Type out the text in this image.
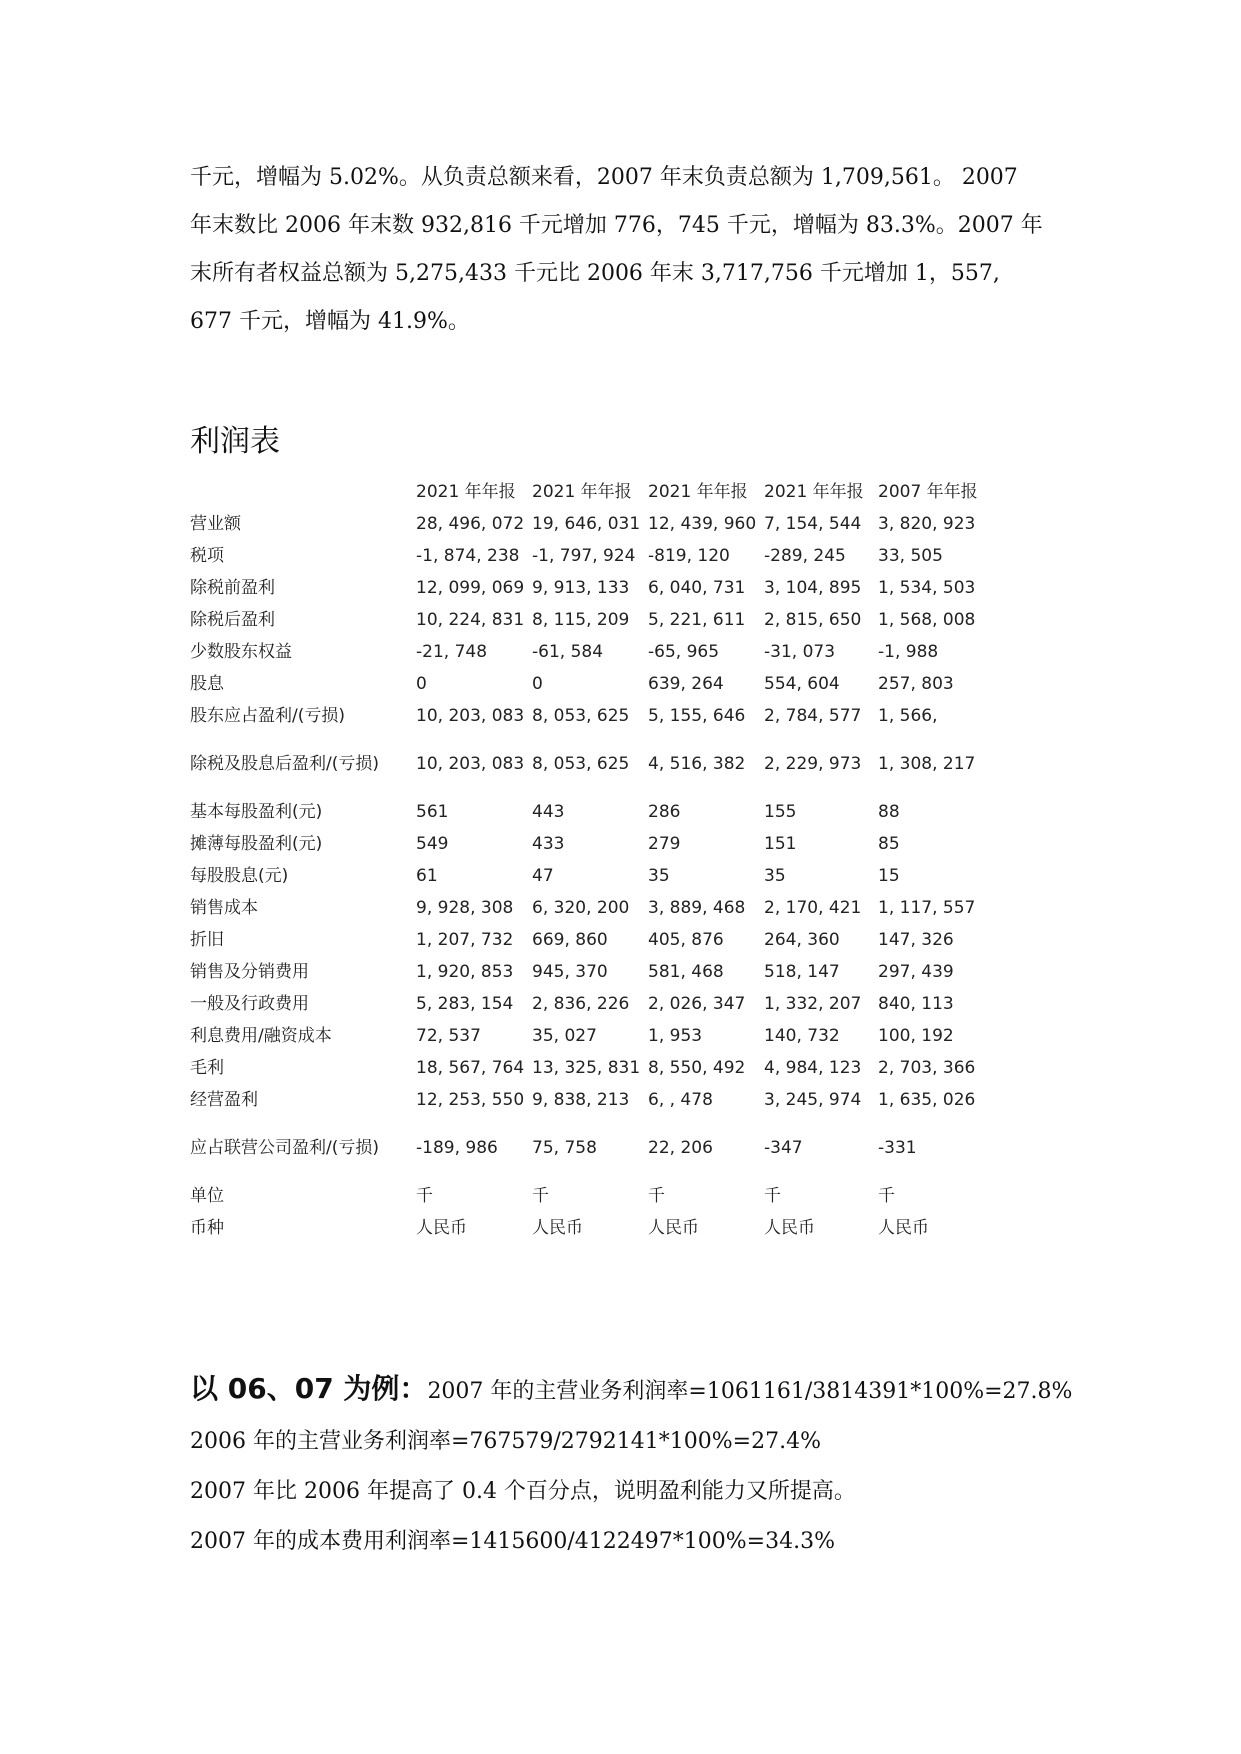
千元，增幅为 5.02%。从负责总额来看，2007 年末负责总额为 1,709,561。 2007

年末数比 2006 年末数 932,816 千元增加 776，745 千元，增幅为 83.3%。2007 年

末所有者权益总额为 5,275,433 千元比 2006 年末 3,717,756 千元增加 1，557,

677 千元，增幅为 41.9%。

利润表
	2021 年年报	2021 年年报	2021 年年报	2021 年年报	2007 年年报
营业额	28, 496, 072	19, 646, 031	12, 439, 960	7, 154, 544	3, 820, 923
税项	-1, 874, 238	-1, 797, 924	-819, 120	-289, 245	33, 505
除税前盈利	12, 099, 069	9, 913, 133	6, 040, 731	3, 104, 895	1, 534, 503
除税后盈利	10, 224, 831	8, 115, 209	5, 221, 611	2, 815, 650	1, 568, 008
少数股东权益	-21, 748	-61, 584	-65, 965	-31, 073	-1, 988
股息	0	0	639, 264	554, 604	257, 803
股东应占盈利/(亏损)	10, 203, 083	8, 053, 625	5, 155, 646	2, 784, 577	1, 566,
除税及股息后盈利/(亏损)	10, 203, 083	8, 053, 625	4, 516, 382	2, 229, 973	1, 308, 217
基本每股盈利(元)	561	443	286	155	88
摊薄每股盈利(元)	549	433	279	151	85
每股股息(元)	61	47	35	35	15
销售成本	9, 928, 308	6, 320, 200	3, 889, 468	2, 170, 421	1, 117, 557
折旧	1, 207, 732	669, 860	405, 876	264, 360	147, 326
销售及分销费用	1, 920, 853	945, 370	581, 468	518, 147	297, 439
一般及行政费用	5, 283, 154	2, 836, 226	2, 026, 347	1, 332, 207	840, 113
利息费用/融资成本	72, 537	35, 027	1, 953	140, 732	100, 192
毛利	18, 567, 764	13, 325, 831	8, 550, 492	4, 984, 123	2, 703, 366
经营盈利	12, 253, 550	9, 838, 213	6, , 478	3, 245, 974	1, 635, 026
应占联营公司盈利/(亏损)	-189, 986	75, 758	22, 206	-347	-331
单位	千	千	千	千	千
币种	人民币	人民币	人民币	人民币	人民币

以 06、07 为例：2007 年的主营业务利润率=1061161/3814391*100%=27.8%

2006 年的主营业务利润率=767579/2792141*100%=27.4%

2007 年比 2006 年提高了 0.4 个百分点，说明盈利能力又所提高。

2007 年的成本费用利润率=1415600/4122497*100%=34.3%
